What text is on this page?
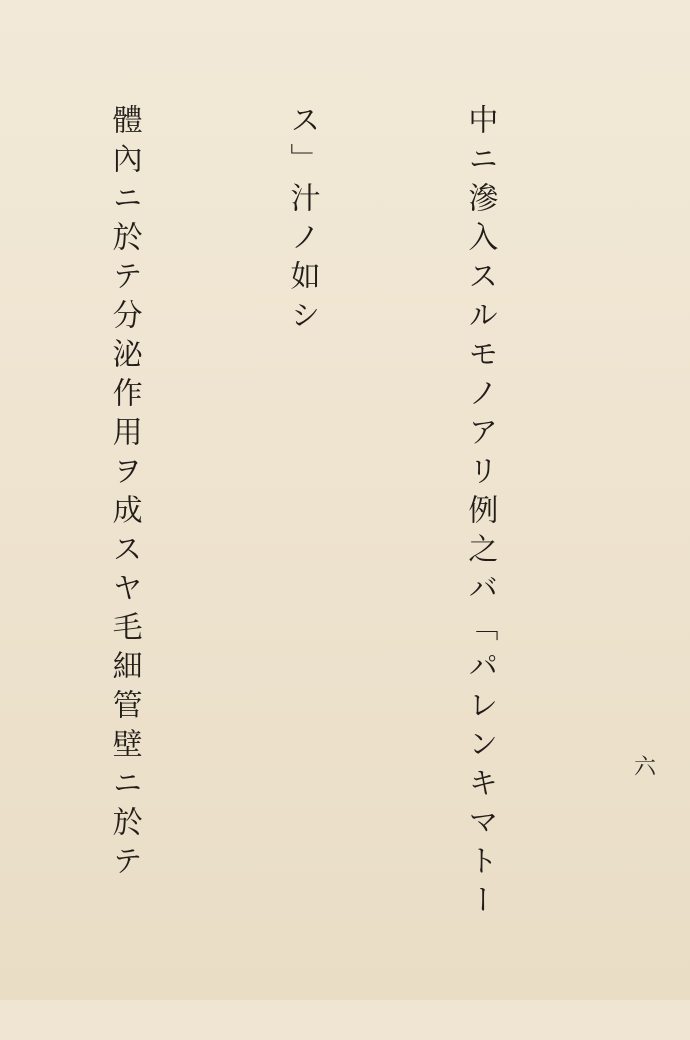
六

中ニ滲入スルモノアリ例之バ「パレンキマトー

ス」汁ノ如シ

體內ニ於テ分泌作用ヲ成スヤ毛細管壁ニ於テ
